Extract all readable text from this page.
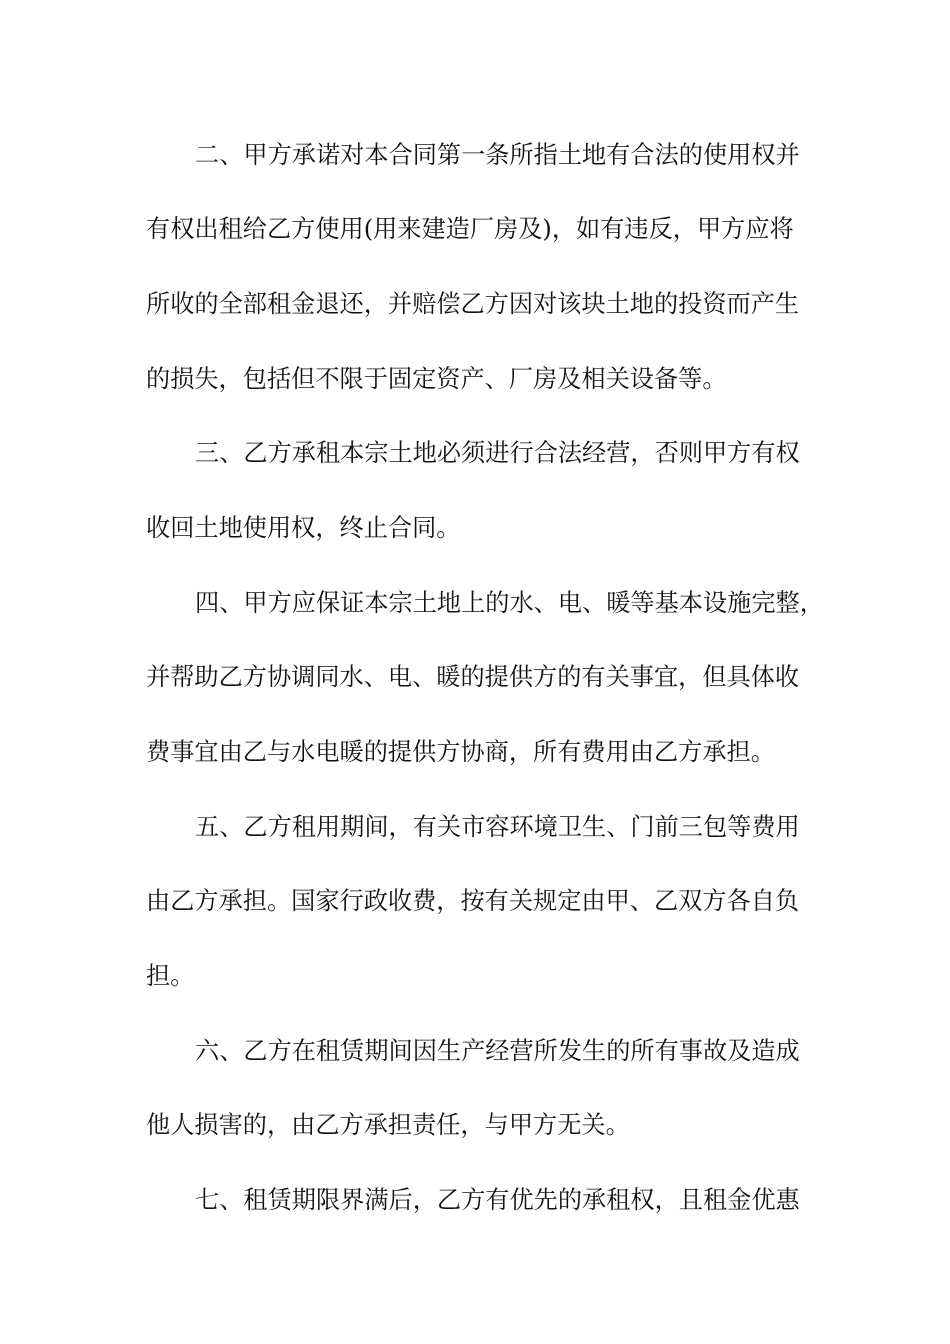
二、甲方承诺对本合同第一条所指土地有合法的使用权并

有权出租给乙方使用(用来建造厂房及)，如有违反，甲方应将

所收的全部租金退还，并赔偿乙方因对该块土地的投资而产生

的损失，包括但不限于固定资产、厂房及相关设备等。

三、乙方承租本宗土地必须进行合法经营，否则甲方有权

收回土地使用权，终止合同。

四、甲方应保证本宗土地上的水、电、暖等基本设施完整，

并帮助乙方协调同水、电、暖的提供方的有关事宜，但具体收

费事宜由乙与水电暖的提供方协商，所有费用由乙方承担。

五、乙方租用期间，有关市容环境卫生、门前三包等费用

由乙方承担。国家行政收费，按有关规定由甲、乙双方各自负

担。

六、乙方在租赁期间因生产经营所发生的所有事故及造成

他人损害的，由乙方承担责任，与甲方无关。

七、租赁期限界满后，乙方有优先的承租权，且租金优惠
